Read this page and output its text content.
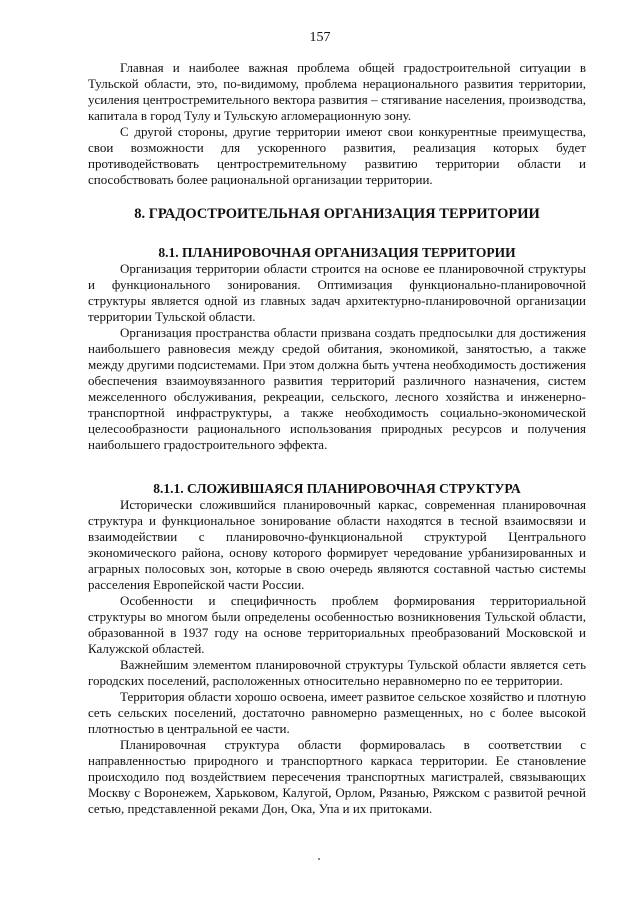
157

Главная и наиболее важная проблема общей градостроительной ситуации в Тульской области, это, по-видимому, проблема нерационального развития территории, усиления центростремительного вектора развития – стягивание населения, производства, капитала в город Тулу и Тульскую агломерационную зону.

С другой стороны, другие территории имеют свои конкурентные преимущества, свои возможности для ускоренного развития, реализация которых будет противодействовать центростремительному развитию территории области и способствовать более рациональной организации территории.

8. ГРАДОСТРОИТЕЛЬНАЯ ОРГАНИЗАЦИЯ ТЕРРИТОРИИ
8.1. ПЛАНИРОВОЧНАЯ ОРГАНИЗАЦИЯ ТЕРРИТОРИИ

Организация территории области строится на основе ее планировочной структуры и функционального зонирования. Оптимизация функционально-планировочной структуры является одной из главных задач архитектурно-планировочной организации территории Тульской области.

Организация пространства области призвана создать предпосылки для достижения наибольшего равновесия между средой обитания, экономикой, занятостью, а также между другими подсистемами. При этом должна быть учтена необходимость достижения обеспечения взаимоувязанного развития территорий различного назначения, систем межселенного обслуживания, рекреации, сельского, лесного хозяйства и инженерно-транспортной инфраструктуры, а также необходимость социально-экономической целесообразности рационального использования природных ресурсов и получения наибольшего градостроительного эффекта.

8.1.1. СЛОЖИВШАЯСЯ ПЛАНИРОВОЧНАЯ СТРУКТУРА

Исторически сложившийся планировочный каркас, современная планировочная структура и функциональное зонирование области находятся в тесной взаимосвязи и взаимодействии с планировочно-функциональной структурой Центрального экономического района, основу которого формирует чередование урбанизированных и аграрных полосовых зон, которые в свою очередь являются составной частью системы расселения Европейской части России.

Особенности и специфичность проблем формирования территориальной структуры во многом были определены особенностью возникновения Тульской области, образованной в 1937 году на основе территориальных преобразований Московской и Калужской областей.

Важнейшим элементом планировочной структуры Тульской области является сеть городских поселений, расположенных относительно неравномерно по ее территории.

Территория области хорошо освоена, имеет развитое сельское хозяйство и плотную сеть сельских поселений, достаточно равномерно размещенных, но с более высокой плотностью в центральной ее части.

Планировочная структура области формировалась в соответствии с направленностью природного и транспортного каркаса территории. Ее становление происходило под воздействием пересечения транспортных магистралей, связывающих Москву с Воронежем, Харьковом, Калугой, Орлом, Рязанью, Ряжском с развитой речной сетью, представленной реками Дон, Ока, Упа и их притоками.
